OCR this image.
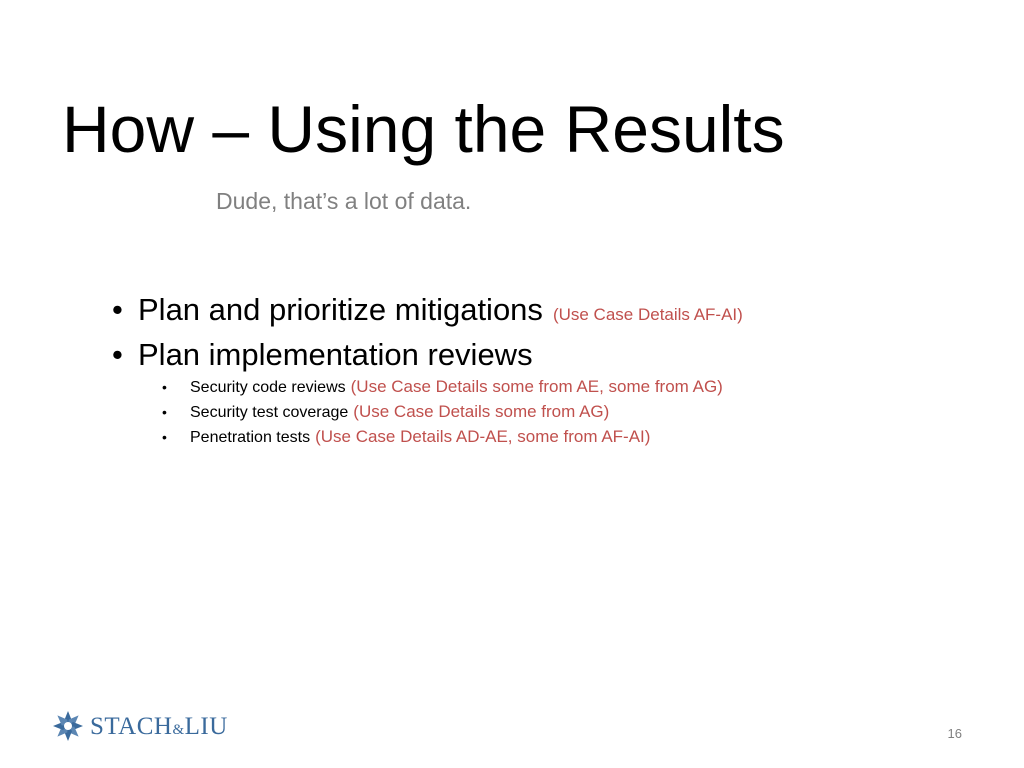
How – Using the Results
Dude, that’s a lot of data.
• Plan and prioritize mitigations (Use Case Details AF-AI)
• Plan implementation reviews
•	Security code reviews (Use Case Details some from AE, some from AG)
•	Security test coverage (Use Case Details some from AG)
•	Penetration tests (Use Case Details AD-AE, some from AF-AI)
STACH&LIU	16
